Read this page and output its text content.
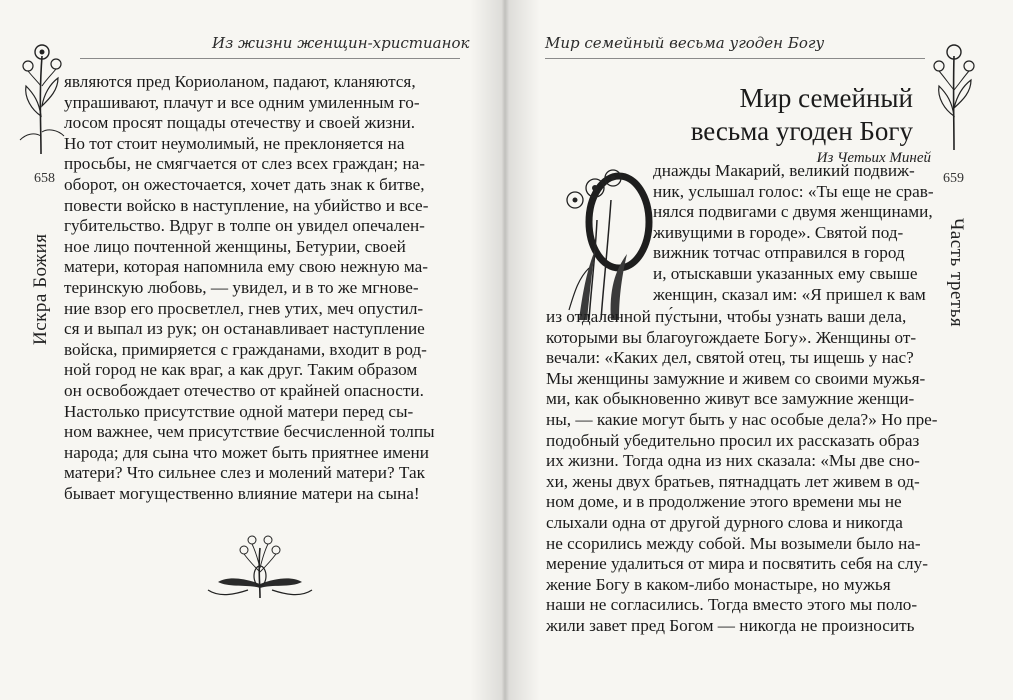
Из жизни женщин-христианок
658
Искра Божия
являются пред Кориоланом, падают, кланяются,
упрашивают, плачут и все одним умиленным го-
лосом просят пощады отечеству и своей жизни.
Но тот стоит неумолимый, не преклоняется на
просьбы, не смягчается от слез всех граждан; на-
оборот, он ожесточается, хочет дать знак к битве,
повести войско в наступление, на убийство и все-
губительство. Вдруг в толпе он увидел опечален-
ное лицо почтенной женщины, Бетурии, своей
матери, которая напомнила ему свою нежную ма-
теринскую любовь, — увидел, и в то же мгнове-
ние взор его просветлел, гнев утих, меч опустил-
ся и выпал из рук; он останавливает наступление
войска, примиряется с гражданами, входит в род-
ной город не как враг, а как друг. Таким образом
он освобождает отечество от крайней опасности.
Настолько присутствие одной матери перед сы-
ном важнее, чем присутствие бесчисленной толпы
народа; для сына что может быть приятнее имени
матери? Что сильнее слез и молений матери? Так
бывает могущественно влияние матери на сына!
Мир семейный весьма угоден Богу
659
Часть третья
Мир семейный
весьма угоден Богу
Из Четьих Миней
О
днажды Макарий, великий подвиж-
ник, услышал голос: «Ты еще не срав-
нялся подвигами с двумя женщинами,
живущими в городе». Святой под-
вижник тотчас отправился в город
и, отыскавши указанных ему свыше
женщин, сказал им: «Я пришел к вам
из отдаленной пу́стыни, чтобы узнать ваши дела,
которыми вы благоугождаете Богу». Женщины от-
вечали: «Каких дел, святой отец, ты ищешь у нас?
Мы женщины замужние и живем со своими мужья-
ми, как обыкновенно живут все замужние женщи-
ны, — какие могут быть у нас особые дела?» Но пре-
подобный убедительно просил их рассказать образ
их жизни. Тогда одна из них сказала: «Мы две сно-
хи, жены двух братьев, пятнадцать лет живем в од-
ном доме, и в продолжение этого времени мы не
слыхали одна от другой дурного слова и никогда
не ссорились между собой. Мы возымели было на-
мерение удалиться от мира и посвятить себя на слу-
жение Богу в каком-либо монастыре, но мужья
наши не согласились. Тогда вместо этого мы поло-
жили завет пред Богом — никогда не произносить
